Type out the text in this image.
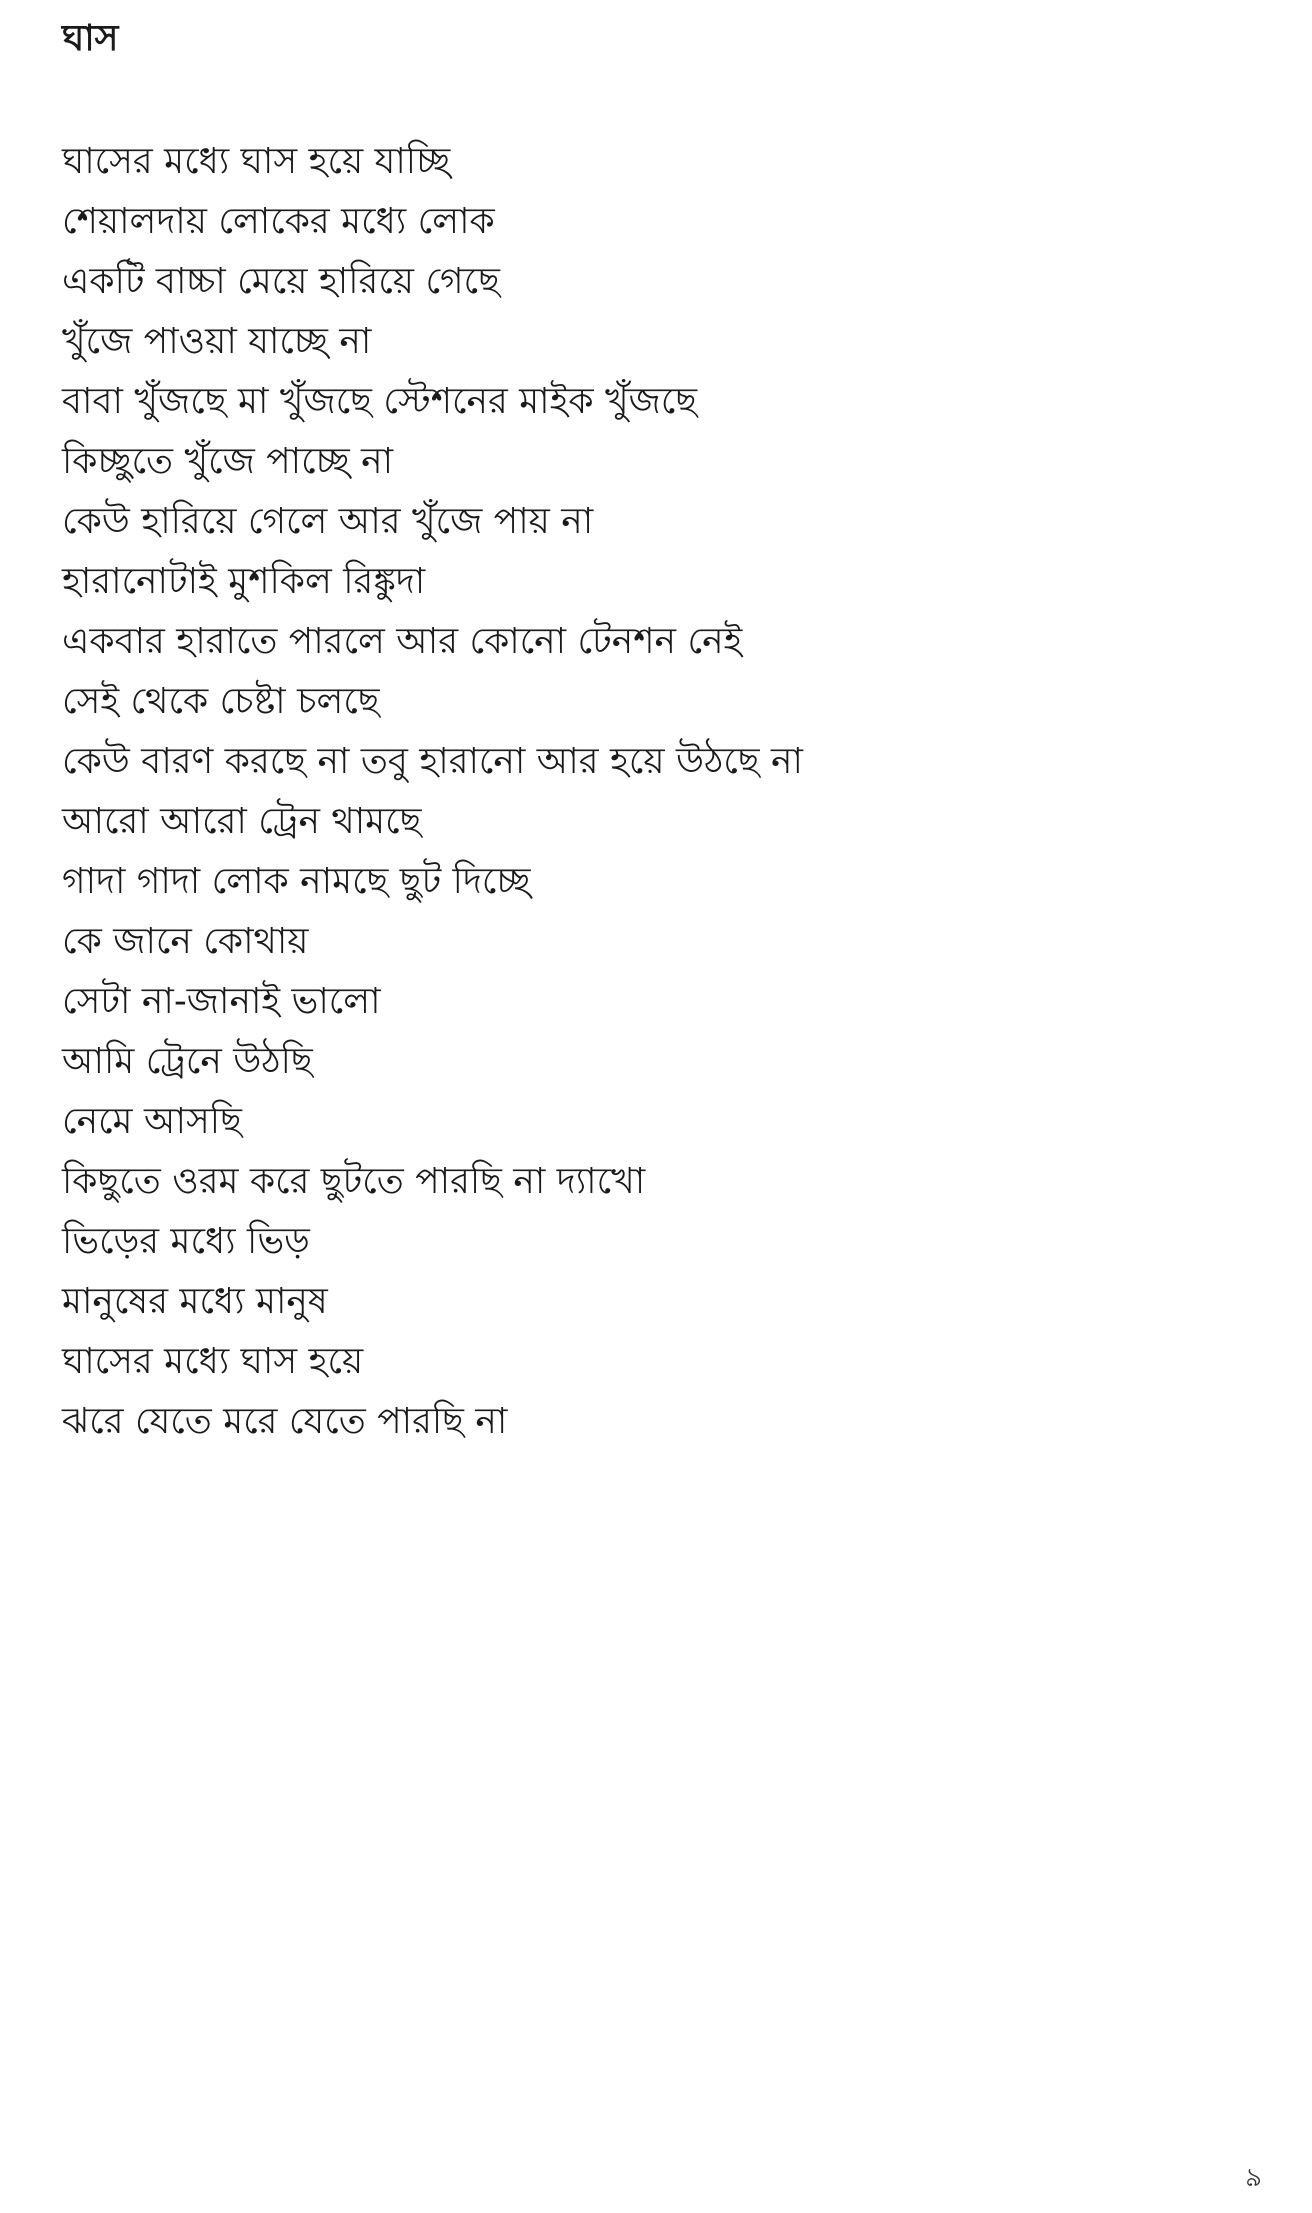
ঘাস
ঘাসের মধ্যে ঘাস হয়ে যাচ্ছি
শেয়ালদায় লোকের মধ্যে লোক
একটি বাচ্চা মেয়ে হারিয়ে গেছে
খুঁজে পাওয়া যাচ্ছে না
বাবা খুঁজছে মা খুঁজছে স্টেশনের মাইক খুঁজছে
কিচ্ছুতে খুঁজে পাচ্ছে না
কেউ হারিয়ে গেলে আর খুঁজে পায় না
হারানোটাই মুশকিল রিঙ্কুদা
একবার হারাতে পারলে আর কোনো টেনশন নেই
সেই থেকে চেষ্টা চলছে
কেউ বারণ করছে না তবু হারানো আর হয়ে উঠছে না
আরো আরো ট্রেন থামছে
গাদা গাদা লোক নামছে ছুট দিচ্ছে
কে জানে কোথায়
সেটা না-জানাই ভালো
আমি ট্রেনে উঠছি
নেমে আসছি
কিছুতে ওরম করে ছুটতে পারছি না দ্যাখো
ভিড়ের মধ্যে ভিড়
মানুষের মধ্যে মানুষ
ঘাসের মধ্যে ঘাস হয়ে
ঝরে যেতে মরে যেতে পারছি না
৯
